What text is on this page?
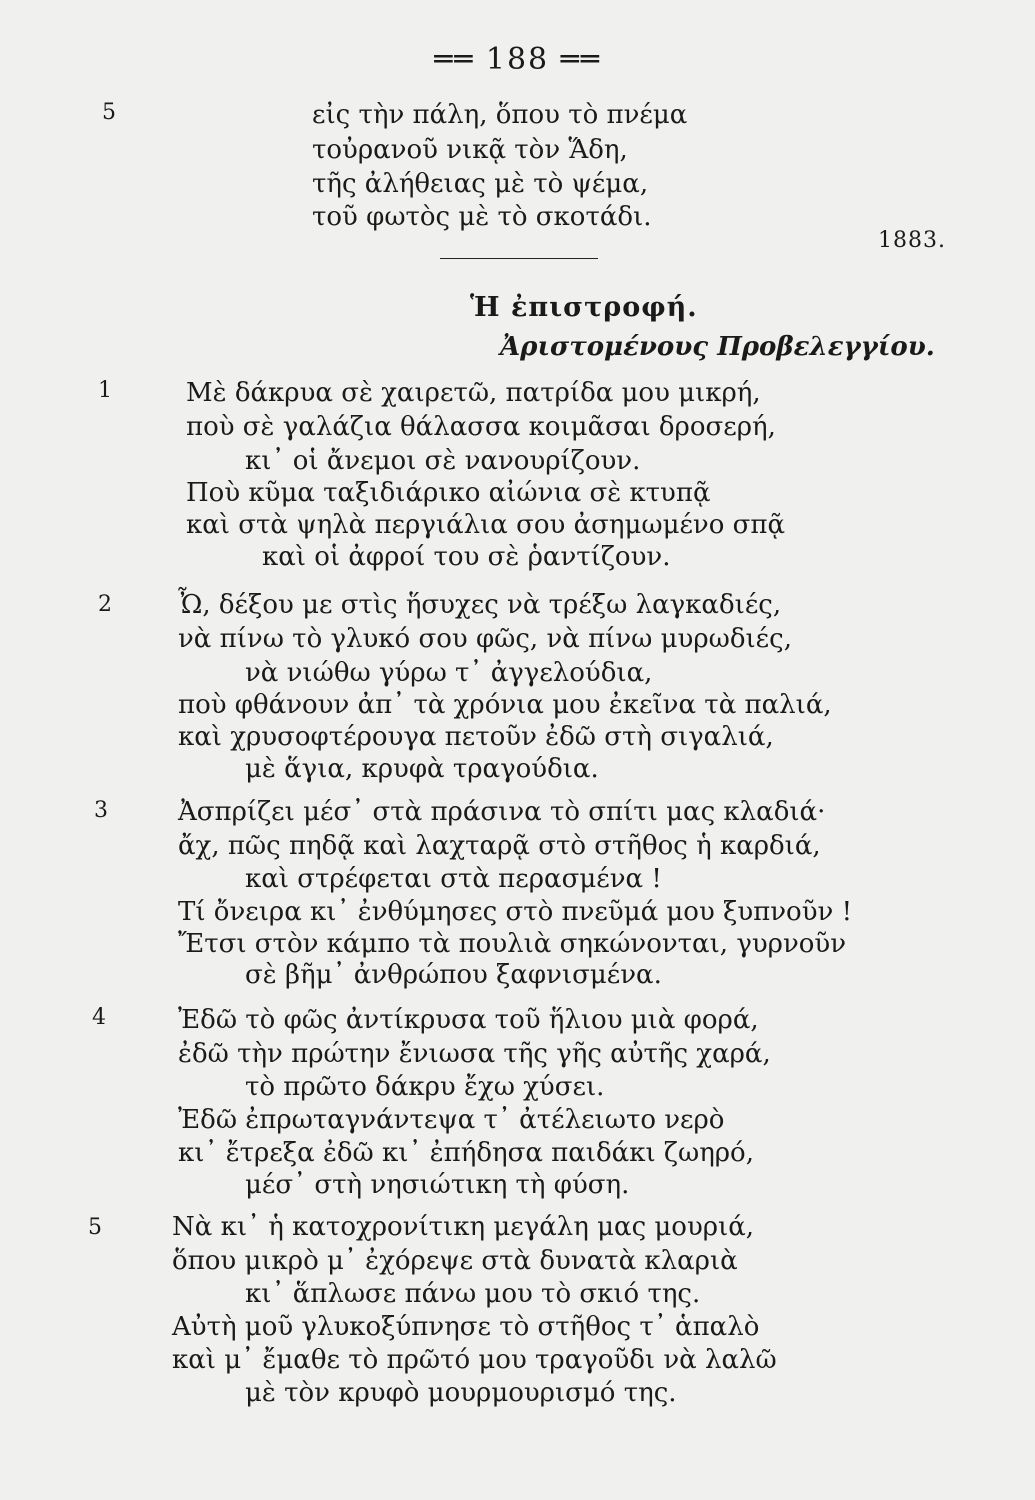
══ 188 ══
5	εἰς τὴν πάλη, ὅπου τὸ πνέμα
τοὐρανοῦ νικᾷ τὸν Ἅδη,
τῆς ἀλήθειας μὲ τὸ ψέμα,
τοῦ φωτὸς μὲ τὸ σκοτάδι.
1883.
Ἡ ἐπιστροφή.
Ἀριστομένους Προβελεγγίου.
1	Μὲ δάκρυα σὲ χαιρετῶ, πατρίδα μου μικρή,
ποὺ σὲ γαλάζια θάλασσα κοιμᾶσαι δροσερή,
κι᾽ οἱ ἄνεμοι σὲ νανουρίζουν.
Ποὺ κῦμα ταξιδιάρικο αἰώνια σὲ κτυπᾷ
καὶ στὰ ψηλὰ περγιάλια σου ἀσημωμένο σπᾷ
καὶ οἱ ἀφροί του σὲ ῥαντίζουν.
2	Ὦ, δέξου με στὶς ἥσυχες νὰ τρέξω λαγκαδιές,
νὰ πίνω τὸ γλυκό σου φῶς, νὰ πίνω μυρωδιές,
νὰ νιώθω γύρω τ᾽ ἀγγελούδια,
ποὺ φθάνουν ἀπ᾽ τὰ χρόνια μου ἐκεῖνα τὰ παλιά,
καὶ χρυσοφτέρουγα πετοῦν ἐδῶ στὴ σιγαλιά,
μὲ ἅγια, κρυφὰ τραγούδια.
3	Ἀσπρίζει μέσ᾽ στὰ πράσινα τὸ σπίτι μας κλαδιά·
ἄχ, πῶς πηδᾷ καὶ λαχταρᾷ στὸ στῆθος ἡ καρδιά,
καὶ στρέφεται στὰ περασμένα !
Τί ὄνειρα κι᾽ ἐνθύμησες στὸ πνεῦμά μου ξυπνοῦν !
Ἔτσι στὸν κάμπο τὰ πουλιὰ σηκώνονται, γυρνοῦν
σὲ βῆμ᾽ ἀνθρώπου ξαφνισμένα.
4	Ἐδῶ τὸ φῶς ἀντίκρυσα τοῦ ἥλιου μιὰ φορά,
ἐδῶ τὴν πρώτην ἔνιωσα τῆς γῆς αὐτῆς χαρά,
τὸ πρῶτο δάκρυ ἔχω χύσει.
Ἐδῶ ἐπρωταγνάντεψα τ᾽ ἀτέλειωτο νερὸ
κι᾽ ἔτρεξα ἐδῶ κι᾽ ἐπήδησα παιδάκι ζωηρό,
μέσ᾽ στὴ νησιώτικη τὴ φύση.
5	Νὰ κι᾽ ἡ κατοχρονίτικη μεγάλη μας μουριά,
ὅπου μικρὸ μ᾽ ἐχόρεψε στὰ δυνατὰ κλαριὰ
κι᾽ ἅπλωσε πάνω μου τὸ σκιό της.
Αὐτὴ μοῦ γλυκοξύπνησε τὸ στῆθος τ᾽ ἁπαλὸ
καὶ μ᾽ ἔμαθε τὸ πρῶτό μου τραγοῦδι νὰ λαλῶ
μὲ τὸν κρυφὸ μουρμουρισμό της.
